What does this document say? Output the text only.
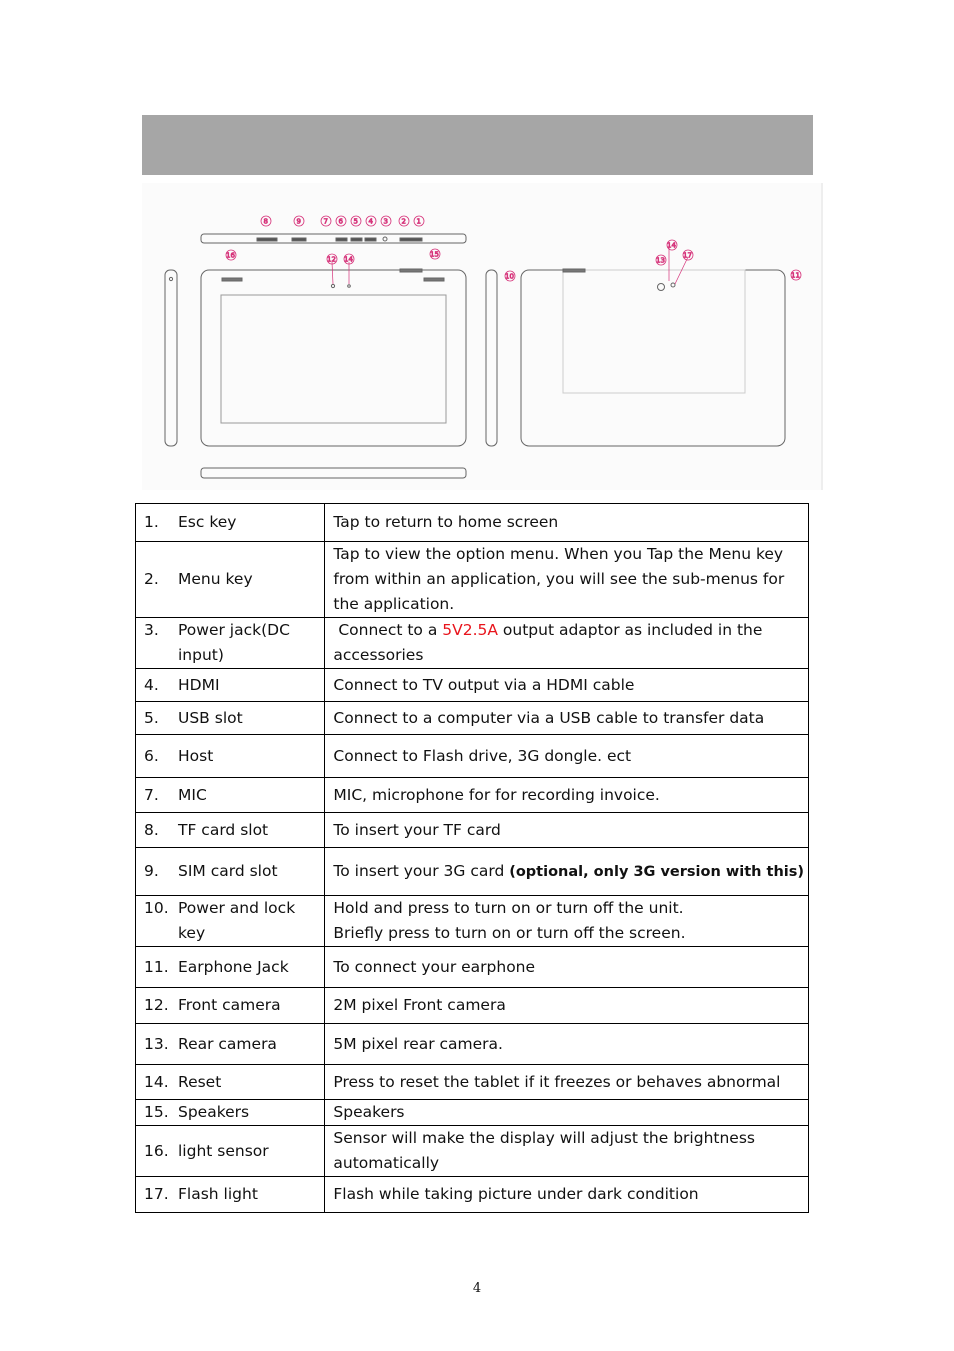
8	9	7 6 5 4 3 2 1
16	12 14
15
14
13
17
10	11
1. Esc key	Tap to return to home screen
2. Menu key	Tap to view the option menu. When you Tap the Menu key from within an application, you will see the sub-menus for the application.
3. Power jack(DC input)	Connect to a 5V2.5A output adaptor as included in the accessories
4. HDMI	Connect to TV output via a HDMI cable
5. USB slot	Connect to a computer via a USB cable to transfer data
6. Host	Connect to Flash drive, 3G dongle. ect
7. MIC	MIC, microphone for for recording invoice.
8. TF card slot	To insert your TF card
9. SIM card slot	To insert your 3G card (optional, only 3G version with this)
10. Power and lock key	Hold and press to turn on or turn off the unit.
Briefly press to turn on or turn off the screen.

11. Earphone Jack	To connect your earphone
12. Front camera	2M pixel Front camera
13. Rear camera	5M pixel rear camera.
14. Reset	Press to reset the tablet if it freezes or behaves abnormal
15. Speakers	Speakers
16. light sensor	Sensor will make the display will adjust the brightness automatically
17. Flash light	Flash while taking picture under dark condition
4
